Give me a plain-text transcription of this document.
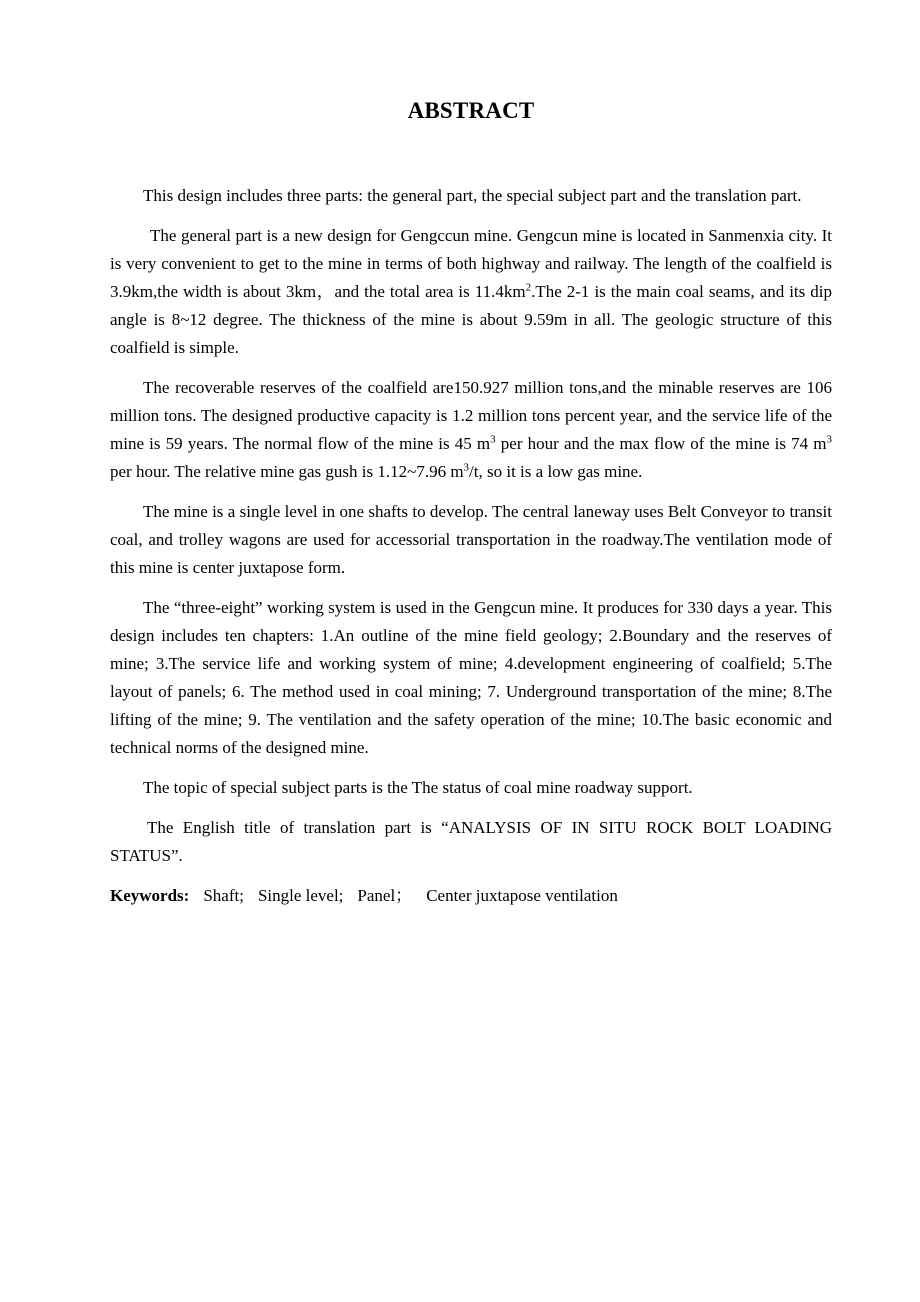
ABSTRACT

This design includes three parts: the general part, the special subject part and the translation part.

The general part is a new design for Gengccun mine. Gengcun mine is located in Sanmenxia city. It is very convenient to get to the mine in terms of both highway and railway. The length of the coalfield is 3.9km,the width is about 3km，and the total area is $11.4km^2.The$ 2-1 is the main coal seams, and its dip angle is 8~12 degree. The thickness of the mine is about 9.59m in all. The geologic structure of this coalfield is simple.

The recoverable reserves of the coalfield are150.927 million tons,and the minable reserves are 106 million tons. The designed productive capacity is 1.2 million tons percent year, and the service life of the mine is 59 years. The normal flow of the mine is 45 $m^3$ per hour and the max flow of the mine is 74 $m^3$ per hour. The relative mine gas gush is 1.12~7.96 $m^3/t$, so it is a low gas mine.

The mine is a single level in one shafts to develop. The central laneway uses Belt Conveyor to transit coal, and trolley wagons are used for accessorial transportation in the roadway.The ventilation mode of this mine is center juxtapose form.

The “three-eight” working system is used in the Gengcun mine. It produces for 330 days a year. This design includes ten chapters: 1.An outline of the mine field geology; 2.Boundary and the reserves of mine; 3.The service life and working system of mine; 4.development engineering of coalfield; 5.The layout of panels; 6. The method used in coal mining; 7. Underground transportation of the mine; 8.The lifting of the mine; 9. The ventilation and the safety operation of the mine; 10.The basic economic and technical norms of the designed mine.

The topic of special subject parts is the The status of coal mine roadway support.

The English title of translation part is “ANALYSIS OF IN SITU ROCK BOLT LOADING STATUS”.

Keywords: Shaft; Single level; Panel； Center juxtapose ventilation
